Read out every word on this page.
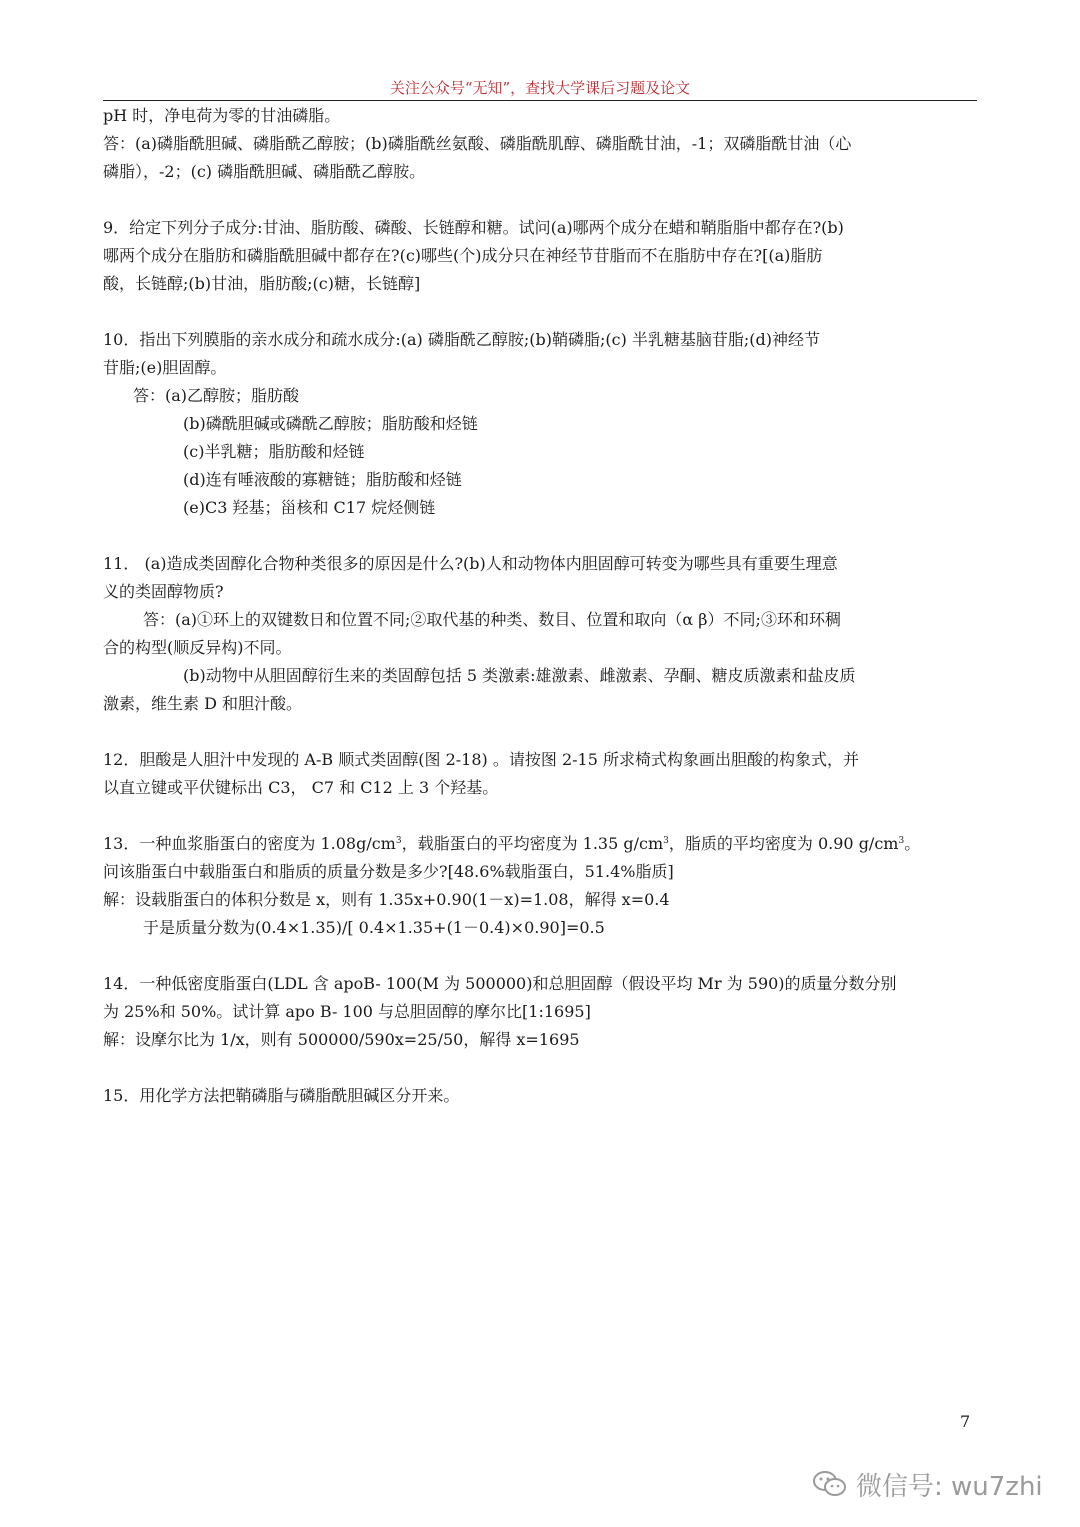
关注公众号“无知”，查找大学课后习题及论文

pH 时，净电荷为零的甘油磷脂。

答：(a)磷脂酰胆碱、磷脂酰乙醇胺；(b)磷脂酰丝氨酸、磷脂酰肌醇、磷脂酰甘油，-1；双磷脂酰甘油（心

磷脂），-2；(c) 磷脂酰胆碱、磷脂酰乙醇胺。

9．给定下列分子成分:甘油、脂肪酸、磷酸、长链醇和糖。试问(a)哪两个成分在蜡和鞘脂脂中都存在?(b)

哪两个成分在脂肪和磷脂酰胆碱中都存在?(c)哪些(个)成分只在神经节苷脂而不在脂肪中存在?[(a)脂肪

酸，长链醇;(b)甘油，脂肪酸;(c)糖，长链醇]

10．指出下列膜脂的亲水成分和疏水成分:(a) 磷脂酰乙醇胺;(b)鞘磷脂;(c) 半乳糖基脑苷脂;(d)神经节

苷脂;(e)胆固醇。

答：(a)乙醇胺；脂肪酸

(b)磷酰胆碱或磷酰乙醇胺；脂肪酸和烃链

(c)半乳糖；脂肪酸和烃链

(d)连有唾液酸的寡糖链；脂肪酸和烃链

(e)C3 羟基；甾核和 C17 烷烃侧链

11． (a)造成类固醇化合物种类很多的原因是什么?(b)人和动物体内胆固醇可转变为哪些具有重要生理意

义的类固醇物质?

答：(a)①环上的双键数日和位置不同;②取代基的种类、数目、位置和取向（α β）不同;③环和环稠

合的构型(顺反异构)不同。

(b)动物中从胆固醇衍生来的类固醇包括 5 类激素:雄激素、雌激素、孕酮、糖皮质激素和盐皮质

激素，维生素 D 和胆汁酸。

12．胆酸是人胆汁中发现的 A-B 顺式类固醇(图 2-18) 。请按图 2-15 所求椅式构象画出胆酸的构象式，并

以直立键或平伏键标出 C3， C7 和 C12 上 3 个羟基。

13．一种血浆脂蛋白的密度为 $1.08g/cm^3$，载脂蛋白的平均密度为 1.35 $g/cm^3$，脂质的平均密度为 0.90 $g/cm^3$。

问该脂蛋白中载脂蛋白和脂质的质量分数是多少?[48.6%载脂蛋白，51.4%脂质]

解：设载脂蛋白的体积分数是 x，则有 1.35x+0.90(1－x)=1.08，解得 x=0.4

于是质量分数为(0.4×1.35)/[ 0.4×1.35+(1－0.4)×0.90]=0.5

14．一种低密度脂蛋白(LDL 含 apoB- 100(M 为 500000)和总胆固醇（假设平均 Mr 为 590)的质量分数分别

为 25%和 50%。试计算 apo B- 100 与总胆固醇的摩尔比[1:1695]

解：设摩尔比为 1/x，则有 500000/590x=25/50，解得 x=1695

15．用化学方法把鞘磷脂与磷脂酰胆碱区分开来。

7
微信号: wu7zhi
